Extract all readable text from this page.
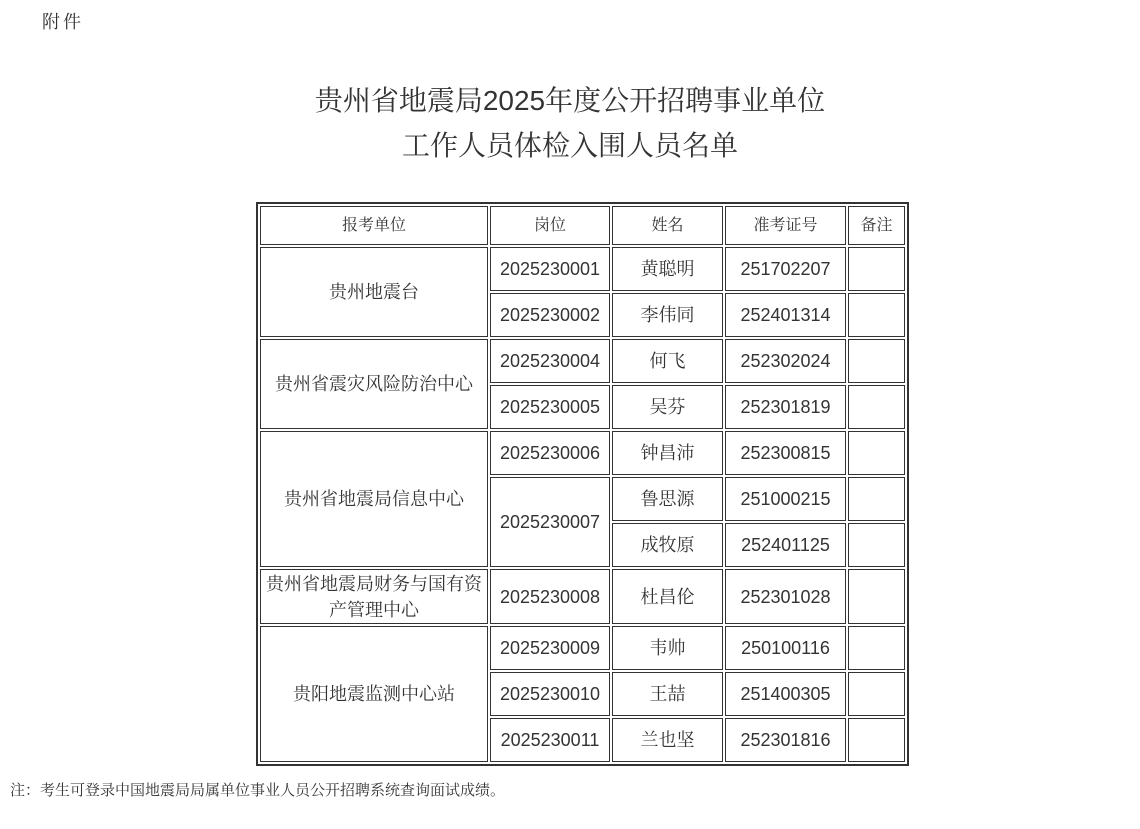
附件
贵州省地震局2025年度公开招聘事业单位
工作人员体检入围人员名单
报考单位	岗位	姓名	准考证号	备注
贵州地震台	2025230001	黄聪明	251702207	
	2025230002	李伟同	252401314	
贵州省震灾风险防治中心	2025230004	何飞	252302024	
	2025230005	吴芬	252301819	
贵州省地震局信息中心	2025230006	钟昌沛	252300815	
	2025230007	鲁思源	251000215	
		成牧原	252401125	
贵州省地震局财务与国有资产管理中心	2025230008	杜昌伦	252301028	
贵阳地震监测中心站	2025230009	韦帅	250100116	
	2025230010	王喆	251400305	
	2025230011	兰也坚	252301816	
注：考生可登录中国地震局局属单位事业人员公开招聘系统查询面试成绩。
